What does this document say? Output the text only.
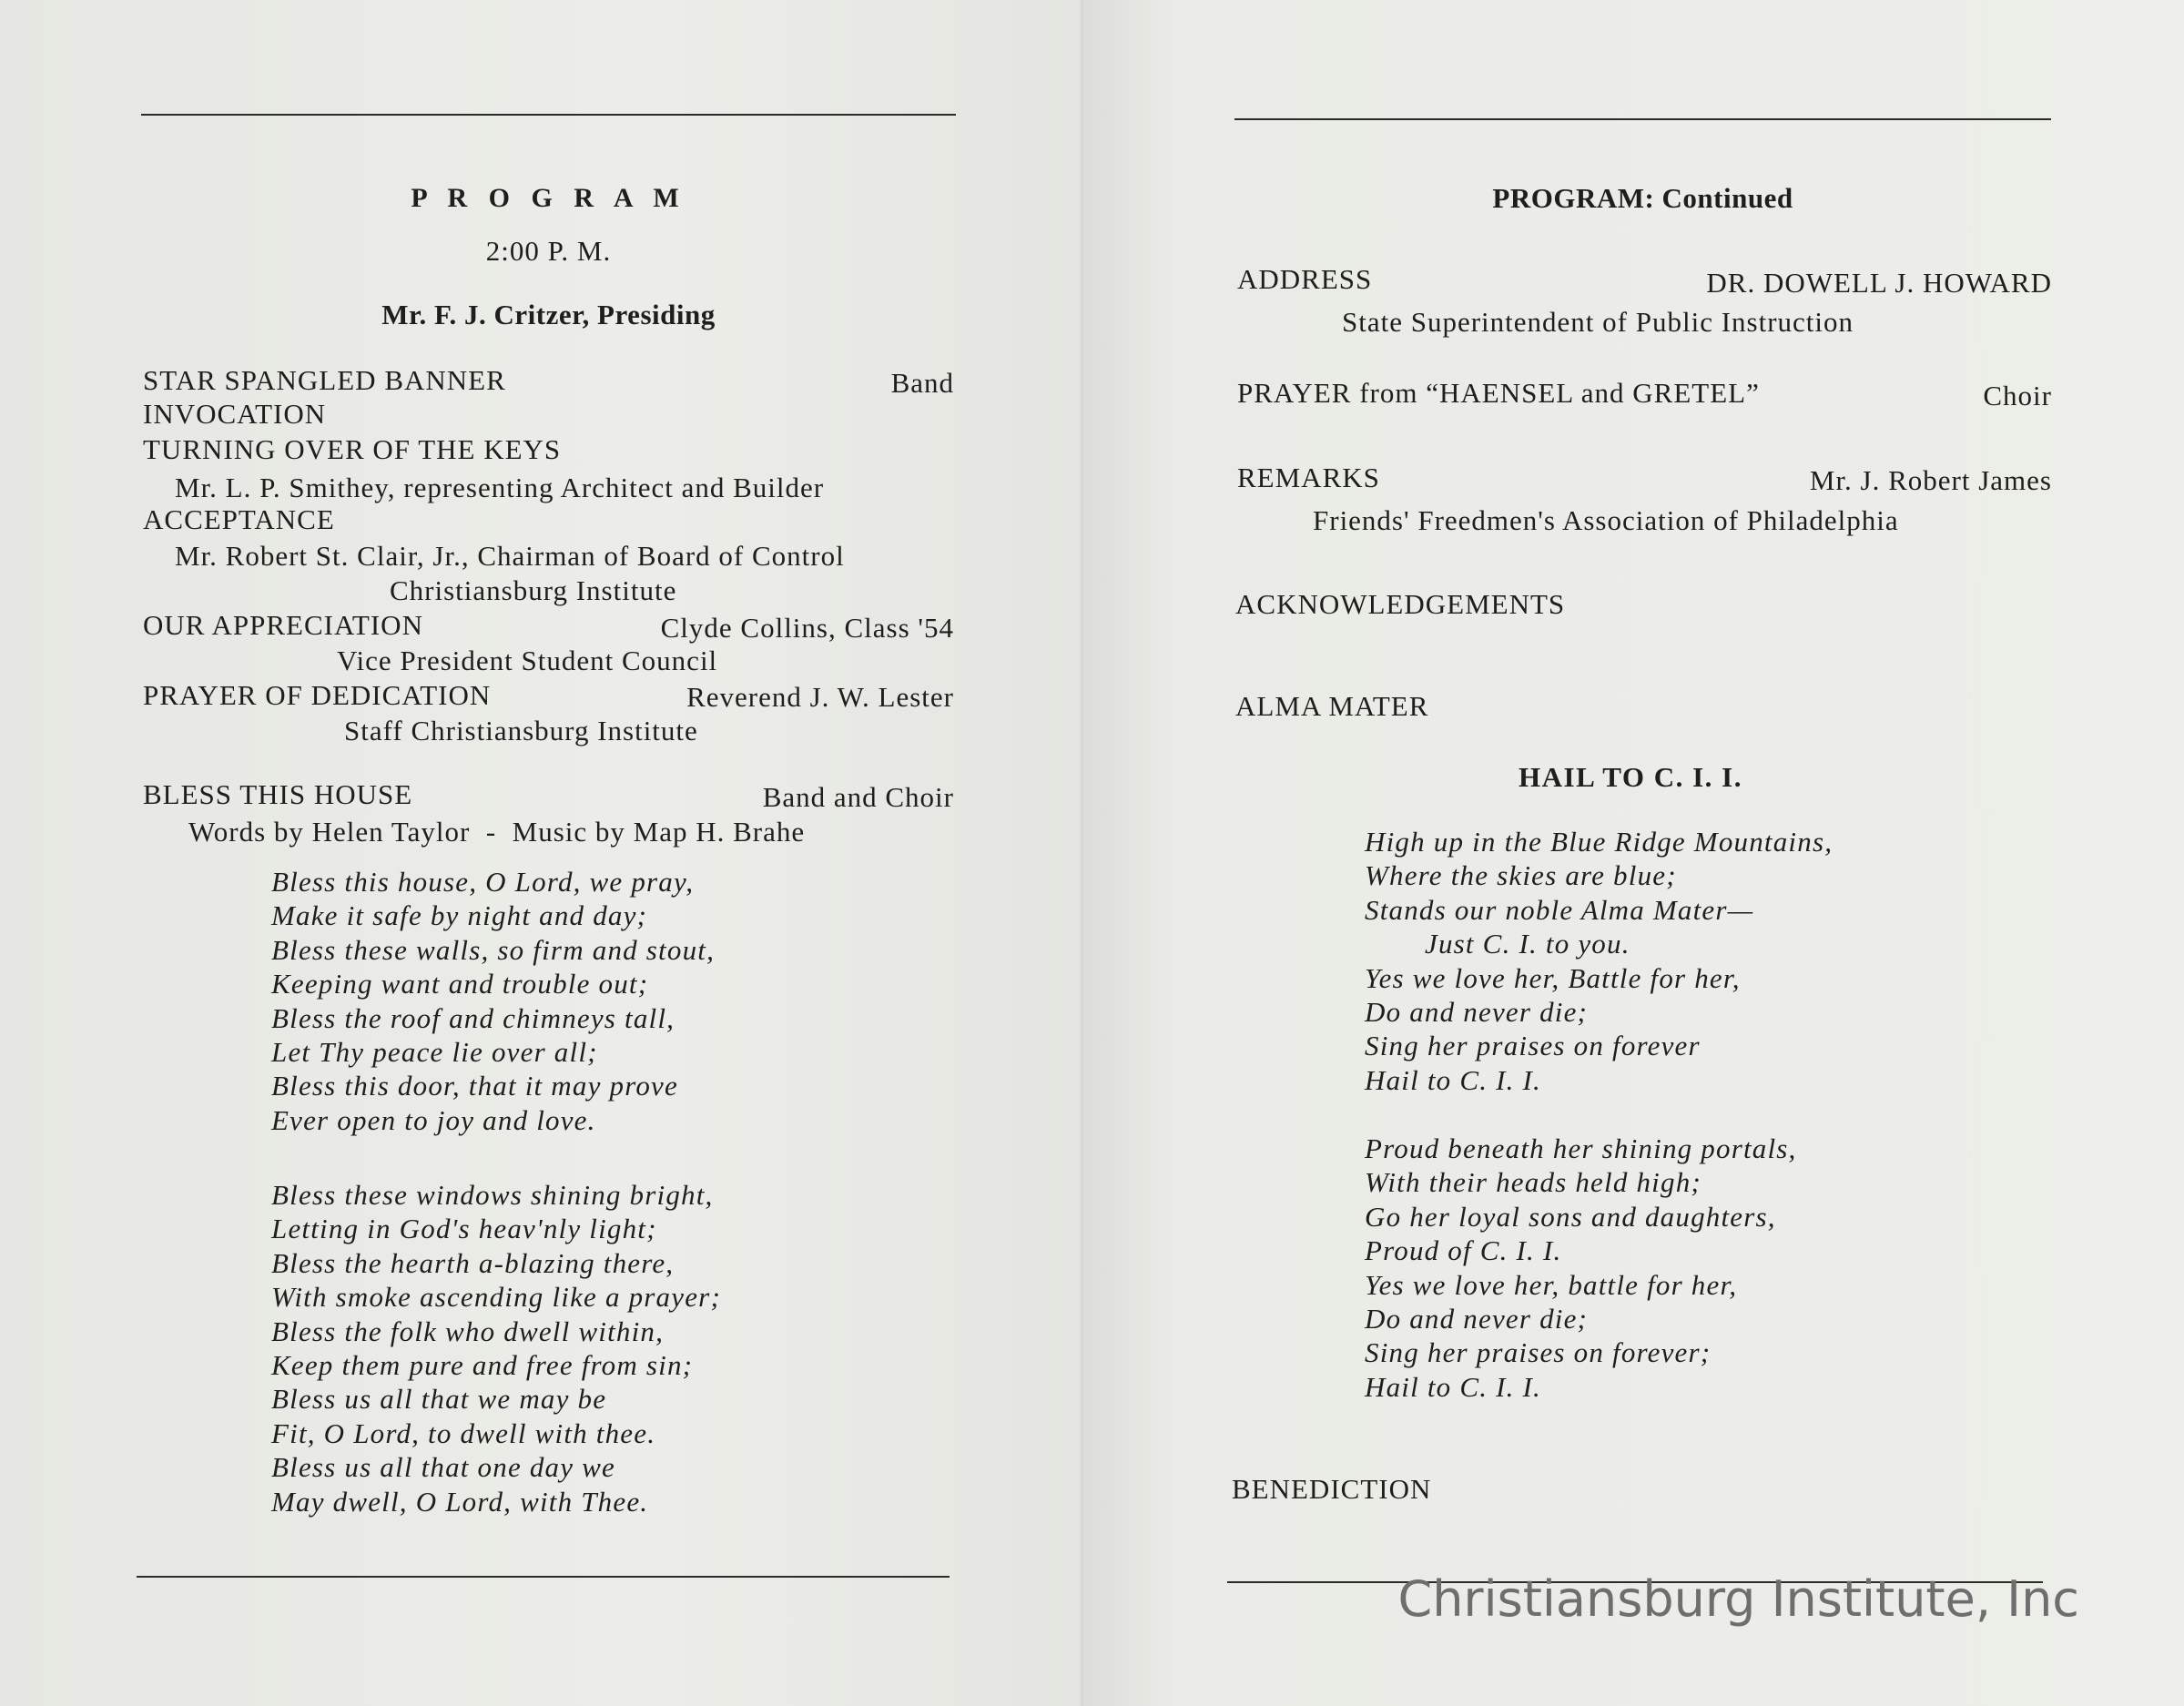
P R O G R A M
2:00 P. M.
Mr. F. J. Critzer, Presiding
STAR SPANGLED BANNER	Band
INVOCATION
TURNING OVER OF THE KEYS
Mr. L. P. Smithey, representing Architect and Builder
ACCEPTANCE
Mr. Robert St. Clair, Jr., Chairman of Board of Control
Christiansburg Institute
OUR APPRECIATION	Clyde Collins, Class '54
Vice President Student Council
PRAYER OF DEDICATION	Reverend J. W. Lester
Staff Christiansburg Institute
BLESS THIS HOUSE	Band and Choir
Words by Helen Taylor  -  Music by Map H. Brahe
Bless this house, O Lord, we pray,
Make it safe by night and day;
Bless these walls, so firm and stout,
Keeping want and trouble out;
Bless the roof and chimneys tall,
Let Thy peace lie over all;
Bless this door, that it may prove
Ever open to joy and love.
Bless these windows shining bright,
Letting in God's heav'nly light;
Bless the hearth a-blazing there,
With smoke ascending like a prayer;
Bless the folk who dwell within,
Keep them pure and free from sin;
Bless us all that we may be
Fit, O Lord, to dwell with thee.
Bless us all that one day we
May dwell, O Lord, with Thee.
PROGRAM: Continued
ADDRESS	DR. DOWELL J. HOWARD
State Superintendent of Public Instruction
PRAYER from “HAENSEL and GRETEL”	Choir
REMARKS	Mr. J. Robert James
Friends' Freedmen's Association of Philadelphia
ACKNOWLEDGEMENTS
ALMA MATER
HAIL TO C. I. I.
High up in the Blue Ridge Mountains,
Where the skies are blue;
Stands our noble Alma Mater—
Just C. I. to you.
Yes we love her, Battle for her,
Do and never die;
Sing her praises on forever
Hail to C. I. I.
Proud beneath her shining portals,
With their heads held high;
Go her loyal sons and daughters,
Proud of C. I. I.
Yes we love her, battle for her,
Do and never die;
Sing her praises on forever;
Hail to C. I. I.
BENEDICTION
Christiansburg Institute, Inc
